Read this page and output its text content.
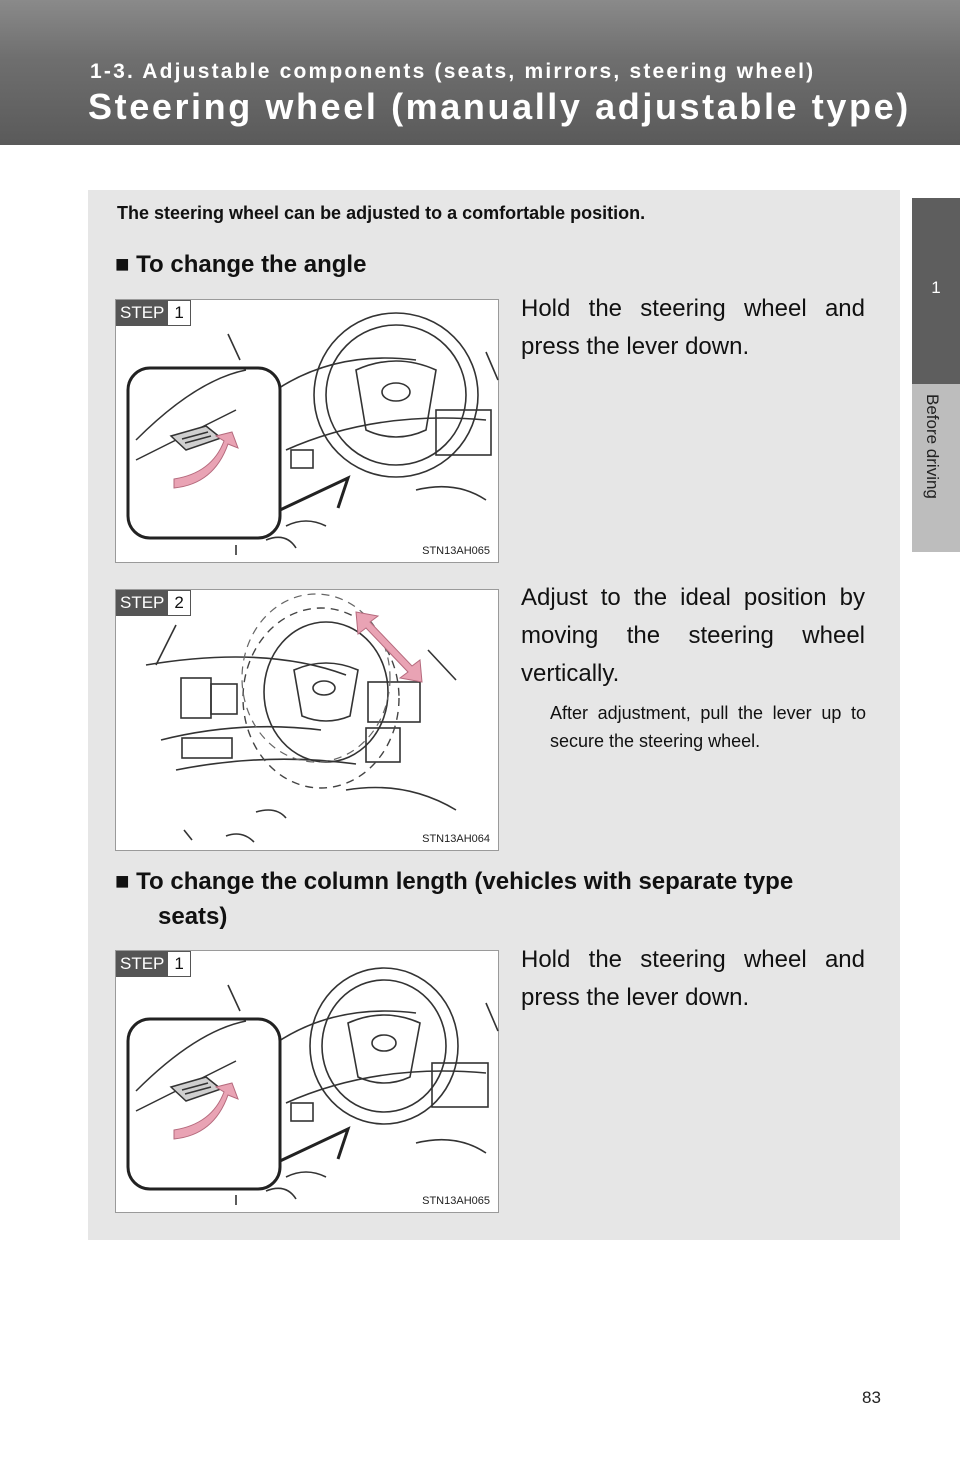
1-3. Adjustable components (seats, mirrors, steering wheel)
Steering wheel (manually adjustable type)
1
Before driving
The steering wheel can be adjusted to a comfortable position.
■ To change the angle
STEP 1
STN13AH065
Hold the steering wheel and press the lever down.
STEP 2
STN13AH064
Adjust to the ideal position by moving the steering wheel vertically.
After adjustment, pull the lever up to secure the steering wheel.
■ To change the column length (vehicles with separate type
seats)
STEP 1
STN13AH065
Hold the steering wheel and press the lever down.
83
